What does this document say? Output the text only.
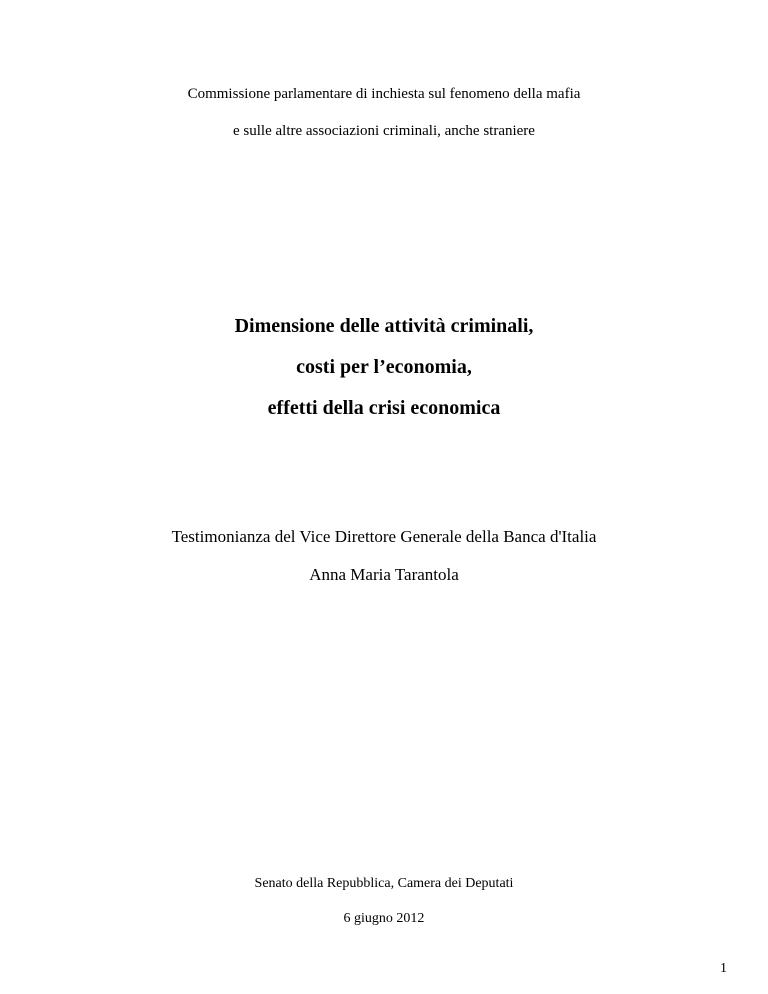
Commissione parlamentare di inchiesta sul fenomeno della mafia
e sulle altre associazioni criminali, anche straniere
Dimensione delle attività criminali,
costi per l’economia,
effetti della crisi economica
Testimonianza del Vice Direttore Generale della Banca d'Italia
Anna Maria Tarantola
Senato della Repubblica, Camera dei Deputati
6 giugno 2012
1
